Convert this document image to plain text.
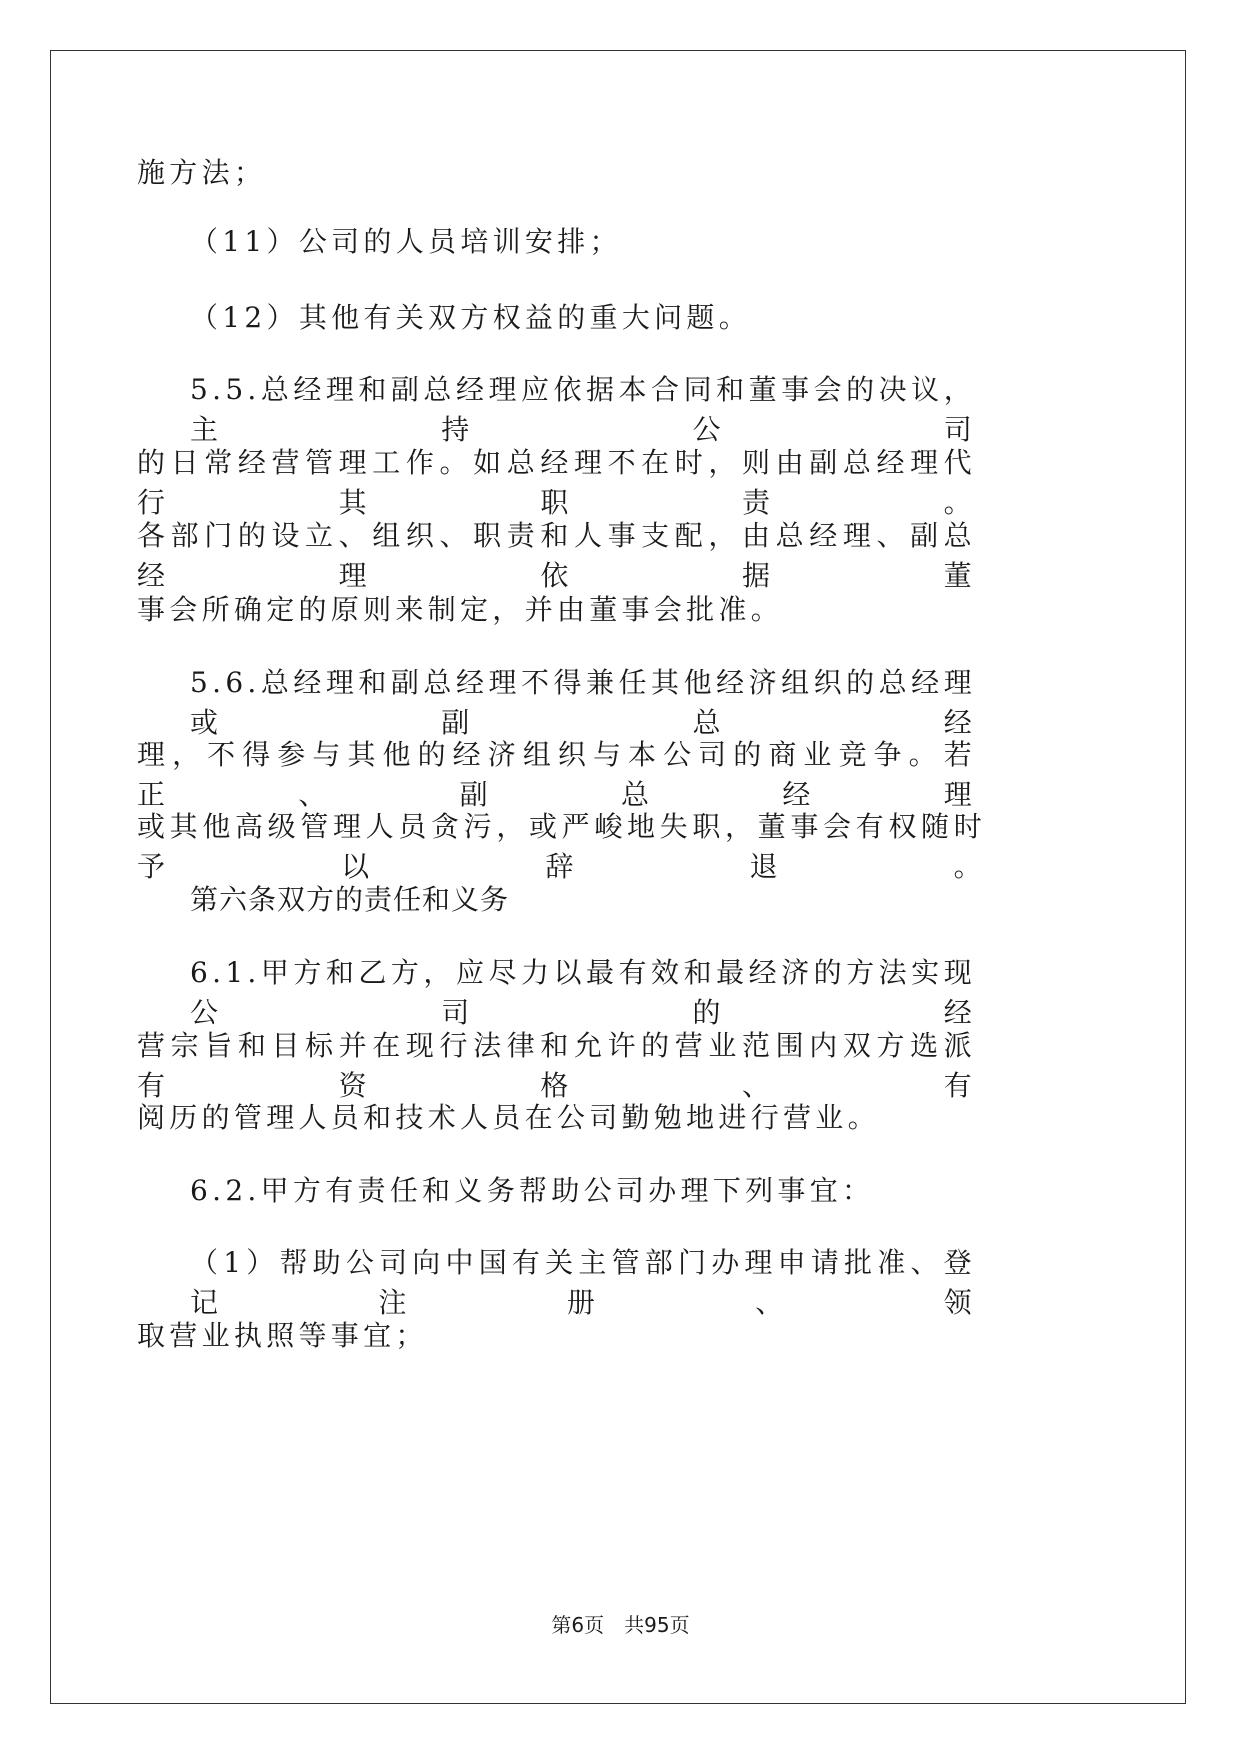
施方法；
（11）公司的人员培训安排；
（12）其他有关双方权益的重大问题。
5.5.总经理和副总经理应依据本合同和董事会的决议，主持公司
的日常经营管理工作。如总经理不在时，则由副总经理代行其职责。
各部门的设立、组织、职责和人事支配，由总经理、副总经理依据董
事会所确定的原则来制定，并由董事会批准。
5.6.总经理和副总经理不得兼任其他经济组织的总经理或副总经
理，不得参与其他的经济组织与本公司的商业竞争。若正、副总经理
或其他高级管理人员贪污，或严峻地失职，董事会有权随时予以辞退。
第六条双方的责任和义务
6.1.甲方和乙方，应尽力以最有效和最经济的方法实现公司的经
营宗旨和目标并在现行法律和允许的营业范围内双方选派有资格、有
阅历的管理人员和技术人员在公司勤勉地进行营业。
6.2.甲方有责任和义务帮助公司办理下列事宜：
（1）帮助公司向中国有关主管部门办理申请批准、登记注册、领
取营业执照等事宜；
第6页 共95页
